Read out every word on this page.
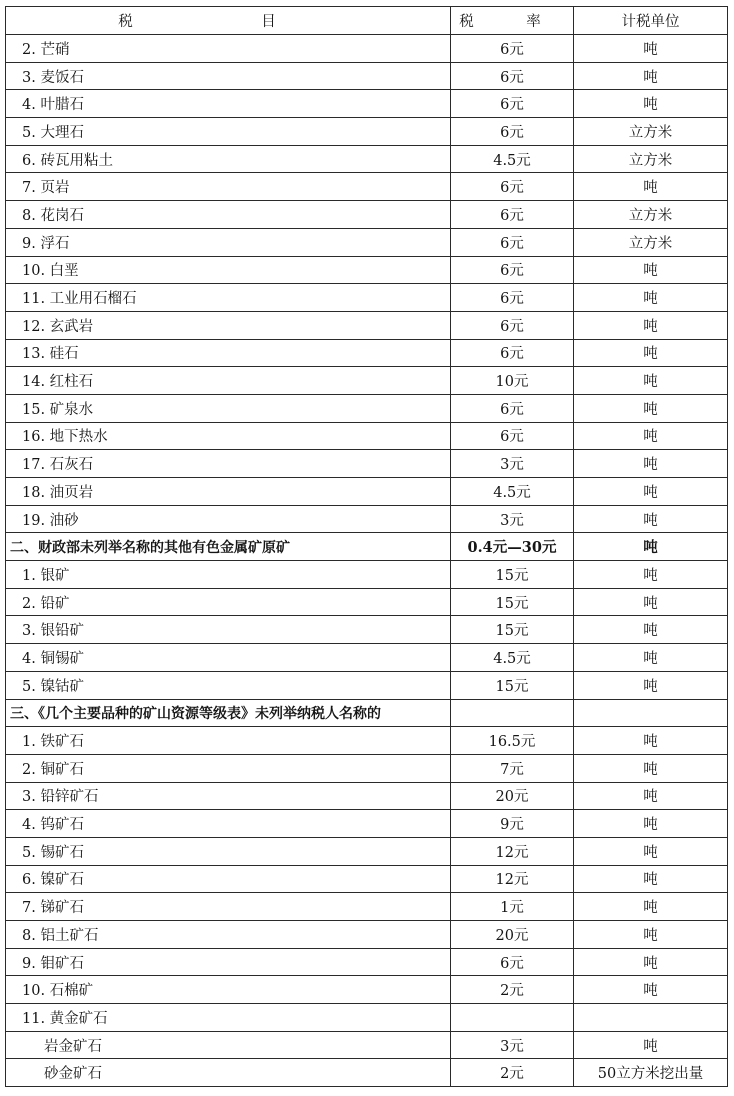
税 目	税 率	计税单位
2. 芒硝	6元	吨
3. 麦饭石	6元	吨
4. 叶腊石	6元	吨
5. 大理石	6元	立方米
6. 砖瓦用粘土	4.5元	立方米
7. 页岩	6元	吨
8. 花岗石	6元	立方米
9. 浮石	6元	立方米
10. 白垩	6元	吨
11. 工业用石榴石	6元	吨
12. 玄武岩	6元	吨
13. 硅石	6元	吨
14. 红柱石	10元	吨
15. 矿泉水	6元	吨
16. 地下热水	6元	吨
17. 石灰石	3元	吨
18. 油页岩	4.5元	吨
19. 油砂	3元	吨
二、财政部未列举名称的其他有色金属矿原矿	0.4元—30元	吨
1. 银矿	15元	吨
2. 铅矿	15元	吨
3. 银铅矿	15元	吨
4. 铜锡矿	4.5元	吨
5. 镍钴矿	15元	吨
三、《几个主要品种的矿山资源等级表》未列举纳税人名称的		
1. 铁矿石	16.5元	吨
2. 铜矿石	7元	吨
3. 铅锌矿石	20元	吨
4. 钨矿石	9元	吨
5. 锡矿石	12元	吨
6. 镍矿石	12元	吨
7. 锑矿石	1元	吨
8. 铝土矿石	20元	吨
9. 钼矿石	6元	吨
10. 石棉矿	2元	吨
11. 黄金矿石		
岩金矿石	3元	吨
砂金矿石	2元	50立方米挖出量
